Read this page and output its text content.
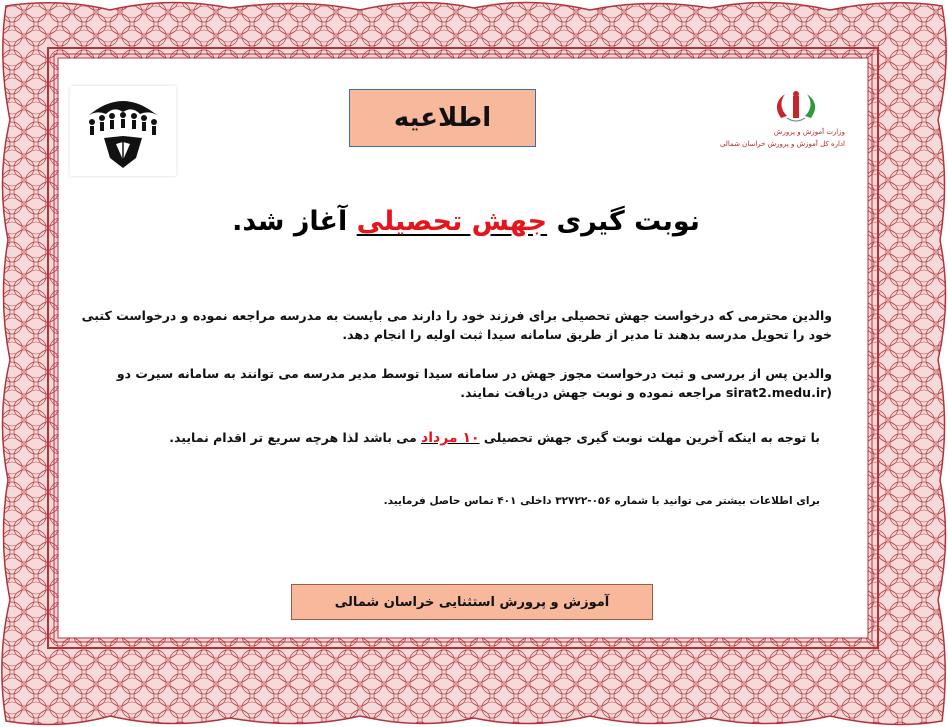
وزارت آموزش و پرورش
اداره کل آموزش و پرورش خراسان شمالی
اطلاعیه
نوبت گیری جهش تحصیلی آغاز شد.
والدین محترمی که درخواست جهش تحصیلی برای فرزند خود را دارند می بایست به مدرسه مراجعه نموده و درخواست کتبی خود را تحویل مدرسه بدهند تا مدیر از طریق سامانه سیدا ثبت اولیه را انجام دهد.
والدین پس از بررسی و ثبت درخواست مجوز جهش در سامانه سیدا توسط مدیر مدرسه می توانند به سامانه سیرت دو (sirat2.medu.ir مراجعه نموده و نوبت جهش دریافت نمایند.
با توجه به اینکه آخرین مهلت نوبت گیری جهش تحصیلی ۱۰ مرداد می باشد لذا هرچه سریع تر اقدام نمایید.
برای اطلاعات بیشتر می توانید با شماره ۰۵۶-۳۲۷۲۲ داخلی ۴۰۱ تماس حاصل فرمایید.
آموزش و پرورش استثنایی خراسان شمالی
